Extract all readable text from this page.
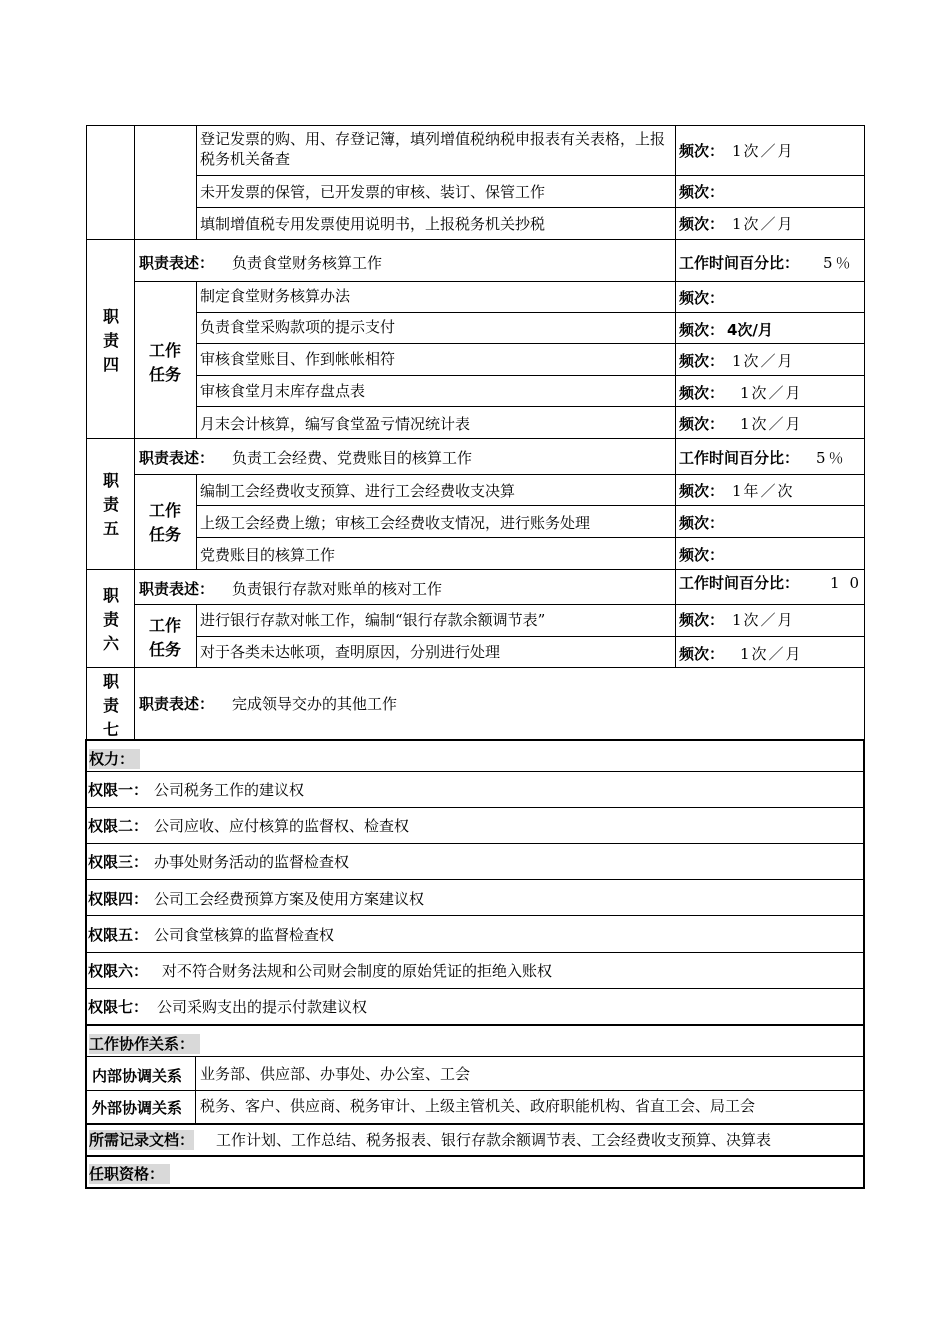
登记发票的购、用、存登记簿，填列增值税纳税申报表有关表格，上报税务机关备查	频次： 1次／月
未开发票的保管，已开发票的审核、装订、保管工作	频次：
填制增值税专用发票使用说明书，上报税务机关抄税	频次： 1次／月
职
责
四
职责表述： 负责食堂财务核算工作	工作时间百分比： 5％
工作
任务
制定食堂财务核算办法	频次：
负责食堂采购款项的提示支付	频次： 4次/月
审核食堂账目、作到帐帐相符	频次： 1次／月
审核食堂月末库存盘点表	频次： 1次／月
月末会计核算，编写食堂盈亏情况统计表	频次： 1次／月
职
责
五
职责表述： 负责工会经费、党费账目的核算工作	工作时间百分比： 5％
工作
任务
编制工会经费收支预算、进行工会经费收支决算	频次： 1年／次
上级工会经费上缴；审核工会经费收支情况，进行账务处理	频次：
党费账目的核算工作	频次：
职
责
六
职责表述： 负责银行存款对账单的核对工作	工作时间百分比： 10
工作
任务
进行银行存款对帐工作，编制“银行存款余额调节表”	频次： 1次／月
对于各类未达帐项，查明原因，分别进行处理	频次： 1次／月
职
责
七
职责表述： 完成领导交办的其他工作
权力：
权限一： 公司税务工作的建议权
权限二： 公司应收、应付核算的监督权、检查权
权限三： 办事处财务活动的监督检查权
权限四： 公司工会经费预算方案及使用方案建议权
权限五： 公司食堂核算的监督检查权
权限六： 对不符合财务法规和公司财会制度的原始凭证的拒绝入账权
权限七： 公司采购支出的提示付款建议权
工作协作关系：
内部协调关系 业务部、供应部、办事处、办公室、工会
外部协调关系 税务、客户、供应商、税务审计、上级主管机关、政府职能机构、省直工会、局工会
所需记录文档： 工作计划、工作总结、税务报表、银行存款余额调节表、工会经费收支预算、决算表
任职资格：
